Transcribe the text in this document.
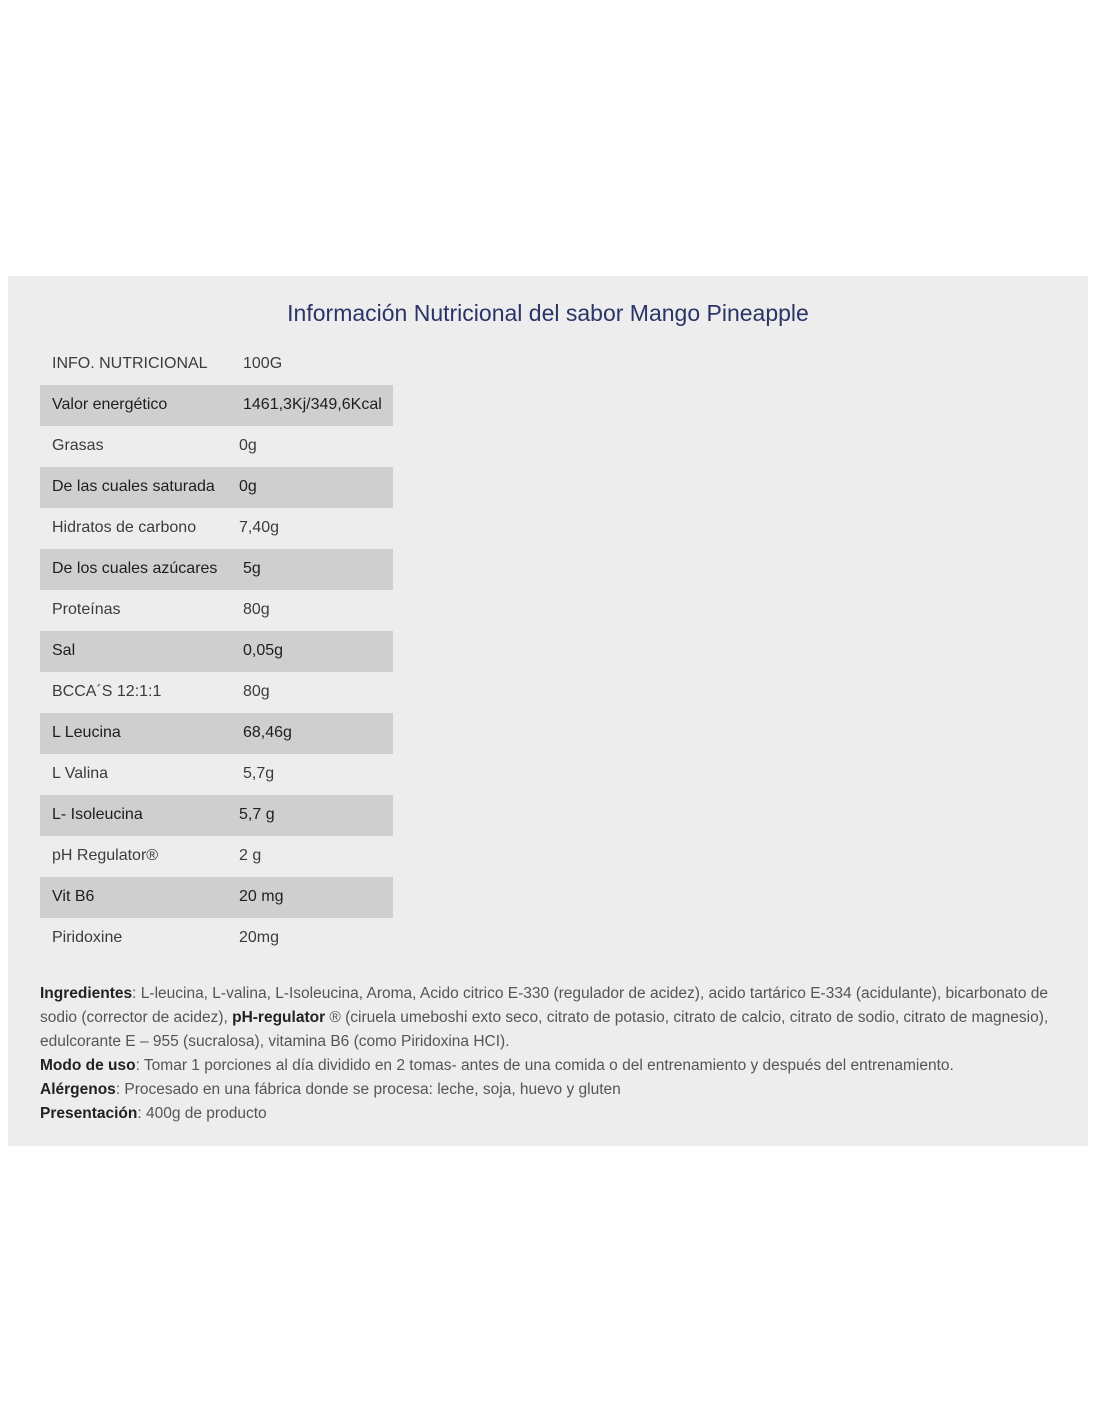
Información Nutricional del sabor Mango Pineapple
INFO. NUTRICIONAL 100G
Valor energético	1461,3Kj/349,6Kcal
Grasas	0g
De las cuales saturada 0g
Hidratos de carbono	7,40g
De los cuales azúcares 5g
Proteínas	80g
Sal	0,05g
BCCA´S 12:1:1	80g
L Leucina	68,46g
L Valina	5,7g
L- Isoleucina	5,7 g
pH Regulator®	2 g
Vit B6	20 mg
Piridoxine	20mg

Ingredientes: L-leucina, L-valina, L-Isoleucina, Aroma, Acido citrico E-330 (regulador de acidez), acido tartárico E-334 (acidulante), bicarbonato de sodio (corrector de acidez), pH-regulator ® (ciruela umeboshi exto seco, citrato de potasio, citrato de calcio, citrato de sodio, citrato de magnesio), edulcorante E – 955 (sucralosa), vitamina B6 (como Piridoxina HCI).

Modo de uso: Tomar 1 porciones al día dividido en 2 tomas- antes de una comida o del entrenamiento y después del entrenamiento.

Alérgenos: Procesado en una fábrica donde se procesa: leche, soja, huevo y gluten

Presentación: 400g de producto
